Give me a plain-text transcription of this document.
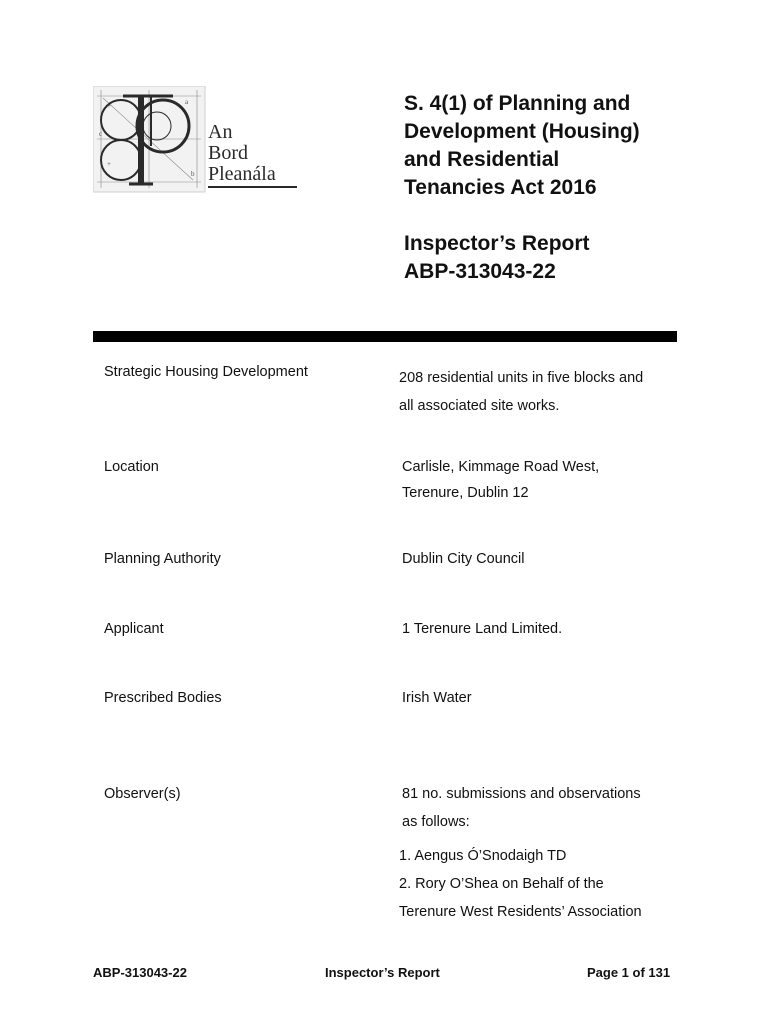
+
+
a
b
c	An
Bord
Pleanála
S. 4(1) of Planning and
Development (Housing)
and Residential
Tenancies Act 2016
Inspector’s Report
ABP-313043-22
Strategic Housing Development	208 residential units in five blocks and
all associated site works.
Location	Carlisle, Kimmage Road West,
Terenure, Dublin 12
Planning Authority	Dublin City Council
Applicant	1 Terenure Land Limited.
Prescribed Bodies	Irish Water
Observer(s)	81 no. submissions and observations
as follows:
1. Aengus Ó’Snodaigh TD
2. Rory O’Shea on Behalf of the
Terenure West Residents’ Association
ABP-313043-22	Inspector’s Report	Page 1 of 131
